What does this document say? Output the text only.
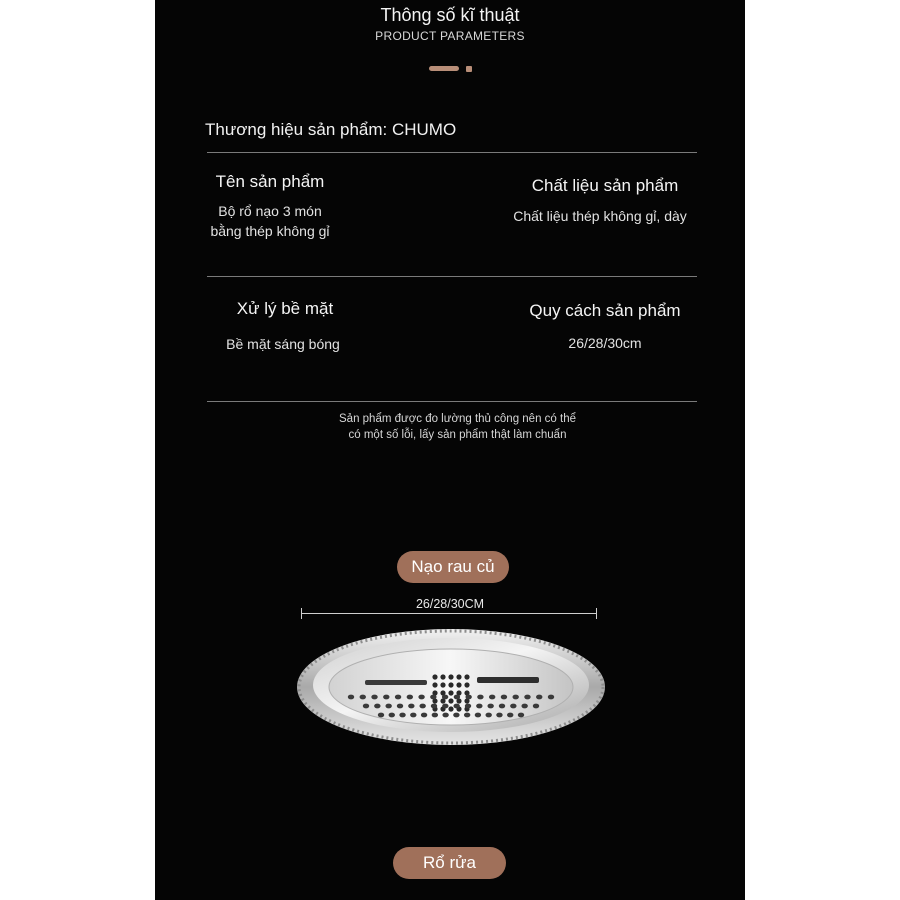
Thông số kĩ thuật
PRODUCT PARAMETERS
Thương hiệu sản phẩm: CHUMO
Tên sản phẩm
Bộ rổ nạo 3 món
bằng thép không gỉ
Chất liệu sản phẩm
Chất liệu thép không gỉ, dày
Xử lý bề mặt
Bề mặt sáng bóng
Quy cách sản phẩm
26/28/30cm
Sản phẩm được đo lường thủ công nên có thể
có một số lỗi, lấy sản phẩm thật làm chuẩn
Nạo rau củ
26/28/30CM
Rổ rửa
